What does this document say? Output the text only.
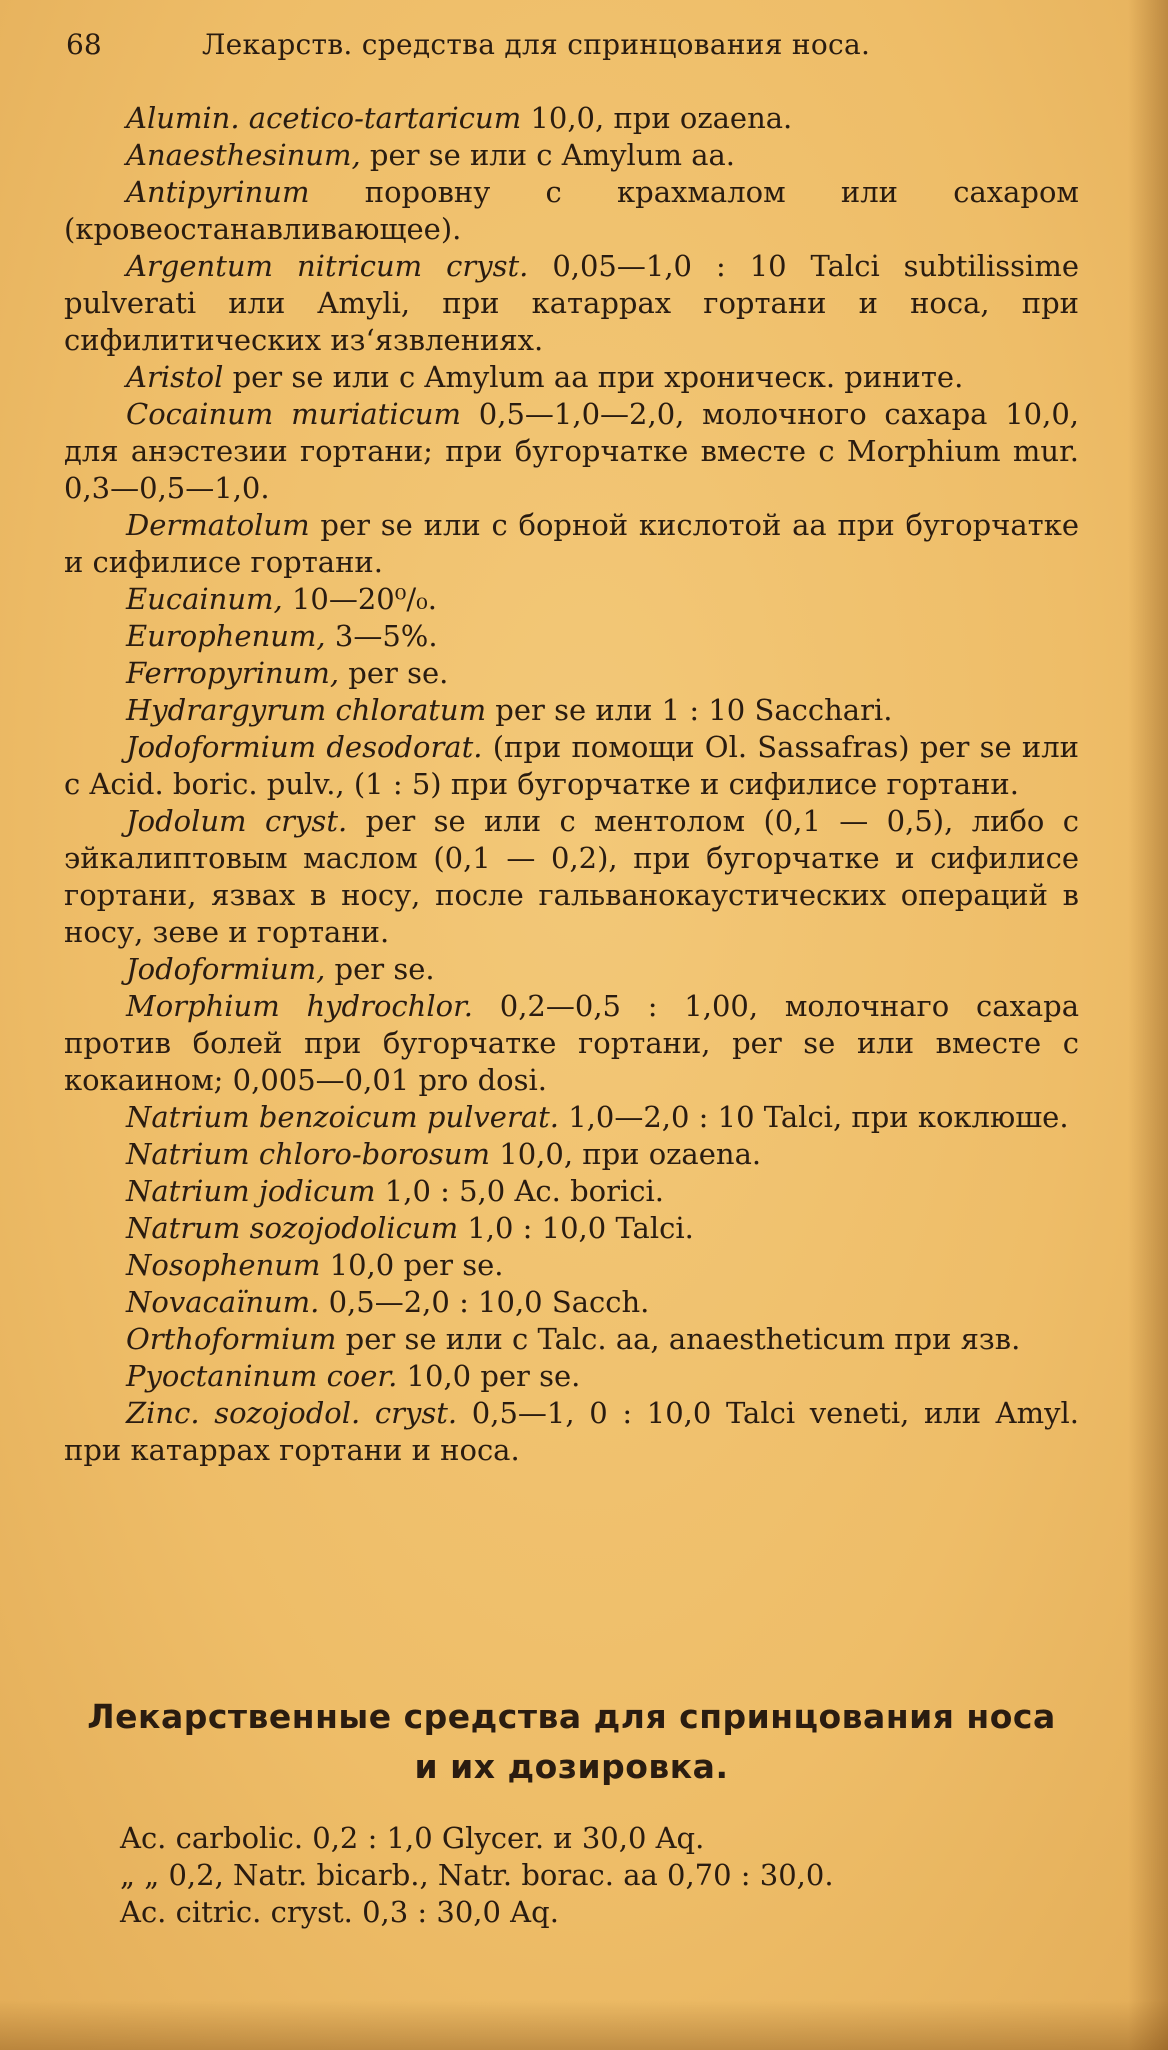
68	Лекарств. средства для спринцования носа.

Alumin. acetico-tartaricum 10,0, при ozaena.

Anaesthesinum, per se или с Amylum аа.

Antipyrinum поровну с крахмалом или сахаром (кровеостанавливающее).

Argentum nitricum cryst. 0,05—1,0 : 10 Talci subtilissime pulverati или Amyli, при катаррах гортани и носа, при сифилитических из‘язвлениях.

Aristol per se или с Amylum аа при хроническ. рините.

Cocainum muriaticum 0,5—1,0—2,0, молочного сахара 10,0, для анэстезии гортани; при бугорчатке вместе с Morphium mur. 0,3—0,5—1,0.

Dermatolum per se или с борной кислотой аа при бугорчатке и сифилисе гортани.

Eucainum, 10—20⁰/₀.

Europhenum, 3—5%.

Ferropyrinum, per se.

Hydrargyrum chloratum per se или 1 : 10 Sacchari.

Jodoformium desodorat. (при помощи Ol. Sassafras) per se или с Acid. boric. pulv., (1 : 5) при бугорчатке и сифилисе гортани.

Jodolum cryst. per se или с ментолом (0,1 — 0,5), либо с эйкалиптовым маслом (0,1 — 0,2), при бугорчатке и сифилисе гортани, язвах в носу, после гальванокаустических операций в носу, зеве и гортани.

Jodoformium, per se.

Morphium hydrochlor. 0,2—0,5 : 1,00, молочнаго сахара против болей при бугорчатке гортани, per se или вместе с кокаином; 0,005—0,01 pro dosi.

Natrium benzoicum pulverat. 1,0—2,0 : 10 Talci, при коклюше.

Natrium chloro-borosum 10,0, при ozaena.

Natrium jodicum 1,0 : 5,0 Ac. borici.

Natrum sozojodolicum 1,0 : 10,0 Talci.

Nosophenum 10,0 per se.

Novacaïnum. 0,5—2,0 : 10,0 Sacch.

Orthoformium per se или с Talc. аа, anaestheticum при язв.

Pyoctaninum coer. 10,0 per se.

Zinc. sozojodol. cryst. 0,5—1, 0 : 10,0 Talci veneti, или Amyl. при катаррах гортани и носа.

Лекарственные средства для спринцования носа
и их дозировка.

Ac. carbolic. 0,2 : 1,0 Glycer. и 30,0 Aq.

„ „ 0,2, Natr. bicarb., Natr. borac. аа 0,70 : 30,0.

Ac. citric. cryst. 0,3 : 30,0 Aq.
